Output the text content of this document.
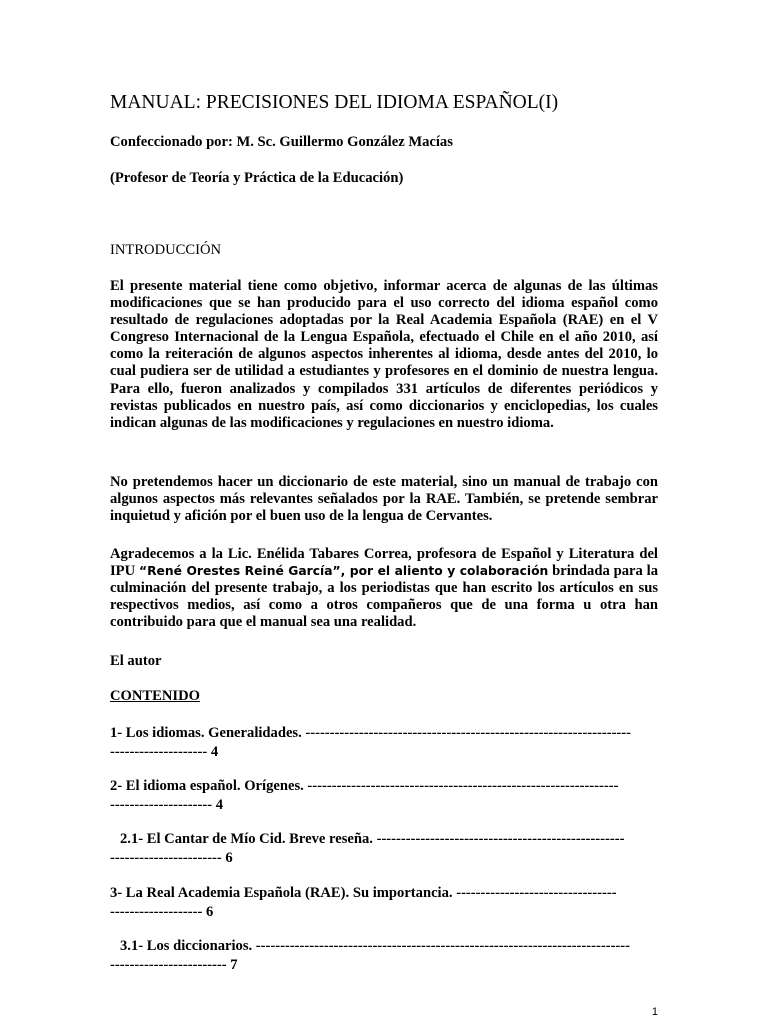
MANUAL: PRECISIONES DEL IDIOMA ESPAÑOL(I)

Confeccionado por: M. Sc. Guillermo González Macías

(Profesor de Teoría y Práctica de la Educación)

INTRODUCCIÓN

El presente material tiene como objetivo, informar acerca de algunas de las últimas modificaciones que se han producido para el uso correcto del idioma español como resultado de regulaciones adoptadas por la Real Academia Española (RAE) en el V Congreso Internacional de la Lengua Española, efectuado el Chile en el año 2010, así como la reiteración de algunos aspectos inherentes al idioma, desde antes del 2010, lo cual pudiera ser de utilidad a estudiantes y profesores en el dominio de nuestra lengua. Para ello, fueron analizados y compilados 331 artículos de diferentes periódicos y revistas publicados en nuestro país, así como diccionarios y enciclopedias, los cuales indican algunas de las modificaciones y regulaciones en nuestro idioma.

No pretendemos hacer un diccionario de este material, sino un manual de trabajo con algunos aspectos más relevantes señalados por la RAE. También, se pretende sembrar inquietud y afición por el buen uso de la lengua de Cervantes.

Agradecemos a la Lic. Enélida Tabares Correa, profesora de Español y Literatura del IPU “René Orestes Reiné García”, por el aliento y colaboración brindada para la culminación del presente trabajo, a los periodistas que han escrito los artículos en sus respectivos medios, así como a otros compañeros que de una forma u otra han contribuido para que el manual sea una realidad.

El autor

CONTENIDO

1- Los idiomas. Generalidades. -------------------------------------------------------------------
-------------------- 4

2- El idioma español. Orígenes. ----------------------------------------------------------------
--------------------- 4

2.1- El Cantar de Mío Cid. Breve reseña. ---------------------------------------------------
----------------------- 6

3- La Real Academia Española (RAE). Su importancia. ---------------------------------
------------------- 6

3.1- Los diccionarios. -----------------------------------------------------------------------------
------------------------ 7

1
